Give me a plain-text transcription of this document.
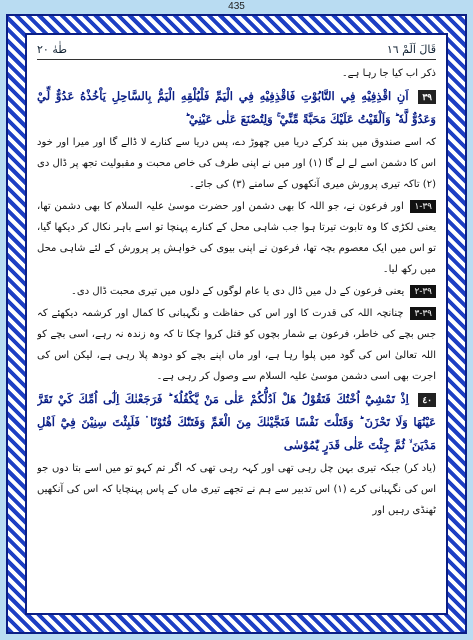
435
قَالَ اَلَمْ ١٦
طٰهٰ ٢٠

ذکر اب کیا جا رہا ہے۔

٣٩ اَنِ اقْذِفِيْهِ فِي التَّابُوْتِ فَاقْذِفِيْهِ فِي الْيَمِّ فَلْيُلْقِهِ الْيَمُّ بِالسَّاحِلِ يَاْخُذْهُ عَدُوٌّ لِّيْ وَعَدُوٌّ لَّهٗ ؕ وَاَلْقَيْتُ عَلَيْكَ مَحَبَّةً مِّنِّيْ ۚ وَلِتُصْنَعَ عَلٰى عَيْنِيْ ؕ

کہ اسے صندوق میں بند کرکے دریا میں چھوڑ دے، پس دریا سے کنارے لا ڈالے گا اور میرا اور خود اس کا دشمن اسے لے لے گا (١) اور میں نے اپنی طرف کی خاص محبت و مقبولیت تجھ پر ڈال دی (٢) تاکہ تیری پرورش میری آنکھوں کے سامنے (٣) کی جائے۔

٣٩-١ اور فرعون نے، جو اللہ کا بھی دشمن اور حضرت موسیٰ علیہ السلام کا بھی دشمن تھا، یعنی لکڑی کا وہ تابوت تیرتا ہوا جب شاہی محل کے کنارے پہنچا تو اسے باہر نکال کر دیکھا گیا، تو اس میں ایک معصوم بچہ تھا، فرعون نے اپنی بیوی کی خواہش پر پرورش کے لئے شاہی محل میں رکھ لیا۔

٣٩-٢ یعنی فرعون کے دل میں ڈال دی یا عام لوگوں کے دلوں میں تیری محبت ڈال دی۔

٣٩-٣ چنانچہ اللہ کی قدرت کا اور اس کی حفاظت و نگہبانی کا کمال اور کرشمہ دیکھئے کہ جس بچے کی خاطر، فرعون بے شمار بچوں کو قتل کروا چکا تا کہ وہ زندہ نہ رہے، اسی بچے کو اللہ تعالیٰ اس کی گود میں پلوا رہا ہے، اور ماں اپنے بچے کو دودھ پلا رہی ہے، لیکن اس کی اجرت بھی اسی دشمن موسیٰ علیہ السلام سے وصول کر رہی ہے۔

٤٠ اِذْ تَمْشِيْٓ اُخْتُكَ فَتَقُوْلُ هَلْ اَدُلُّكُمْ عَلٰى مَنْ يَّكْفُلُهٗ ؕ فَرَجَعْنٰكَ اِلٰٓى اُمِّكَ كَيْ تَقَرَّ عَيْنُهَا وَلَا تَحْزَنَ ؕ وَقَتَلْتَ نَفْسًا فَنَجَّيْنٰكَ مِنَ الْغَمِّ وَفَتَنّٰكَ فُتُوْنًا ۬ فَلَبِثْتَ سِنِيْنَ فِيْٓ اَهْلِ مَدْيَنَ ۙ ثُمَّ جِئْتَ عَلٰى قَدَرٍ يّٰمُوْسٰى

(یاد کر) جبکہ تیری بہن چل رہی تھی اور کہہ رہی تھی کہ اگر تم کہو تو میں اسے بتا دوں جو اس کی نگہبانی کرے (١) اس تدبیر سے ہم نے تجھے تیری ماں کے پاس پہنچایا کہ اس کی آنکھیں ٹھنڈی رہیں اور
